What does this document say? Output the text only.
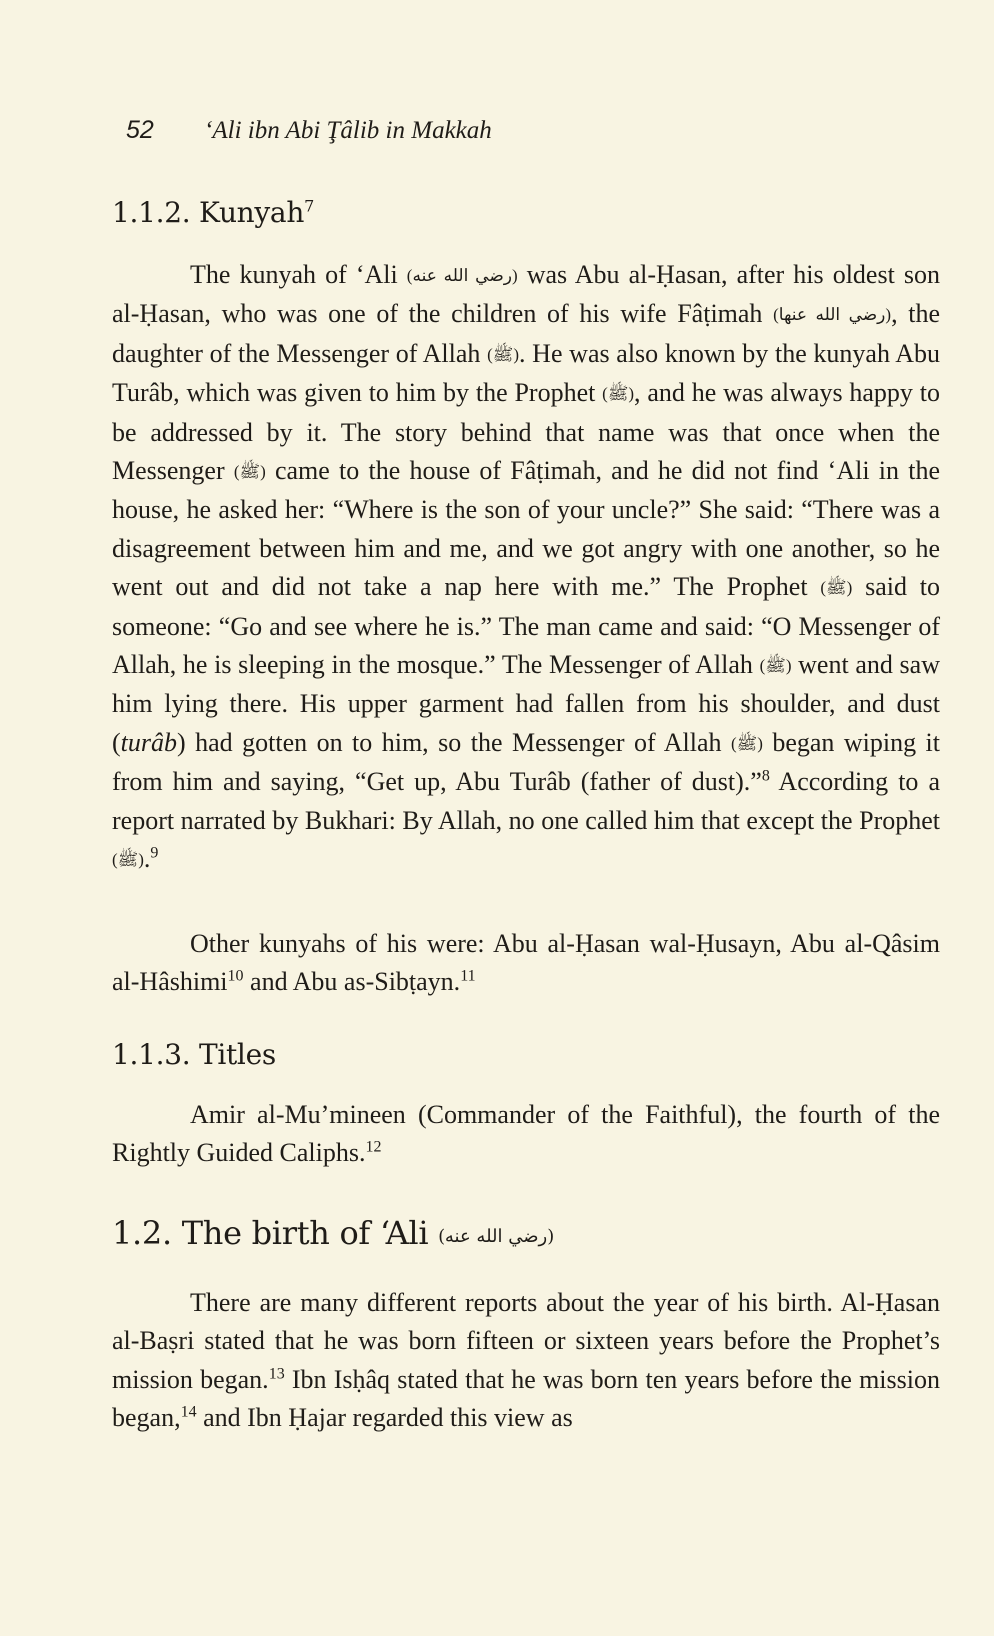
52 ‘Ali ibn Abi Ţâlib in Makkah
1.1.2. Kunyah$^7$
The kunyah of ‘Ali (رضي الله عنه) was Abu al-Ḥasan, after his oldest son al-Ḥasan, who was one of the children of his wife Fâṭimah (رضي الله عنها), the daughter of the Messenger of Allah (ﷺ). He was also known by the kunyah Abu Turâb, which was given to him by the Prophet (ﷺ), and he was always happy to be addressed by it. The story behind that name was that once when the Messenger (ﷺ) came to the house of Fâṭimah, and he did not find ‘Ali in the house, he asked her: “Where is the son of your uncle?” She said: “There was a disagreement between him and me, and we got angry with one another, so he went out and did not take a nap here with me.” The Prophet (ﷺ) said to someone: “Go and see where he is.” The man came and said: “O Messenger of Allah, he is sleeping in the mosque.” The Messenger of Allah (ﷺ) went and saw him lying there. His upper garment had fallen from his shoulder, and dust (turâb) had gotten on to him, so the Messenger of Allah (ﷺ) began wiping it from him and saying, “Get up, Abu Turâb (father of dust).”$^8$ According to a report narrated by Bukhari: By Allah, no one called him that except the Prophet (ﷺ).$^9$
Other kunyahs of his were: Abu al-Ḥasan wal-Ḥusayn, Abu al-Qâsim al-Hâshimi$^{10}$ and Abu as-Sibṭayn.$^{11}$
1.1.3. Titles
Amir al-Mu’mineen (Commander of the Faithful), the fourth of the Rightly Guided Caliphs.$^{12}$
1.2. The birth of ‘Ali (رضي الله عنه)
There are many different reports about the year of his birth. Al-Ḥasan al-Baṣri stated that he was born fifteen or sixteen years before the Prophet’s mission began.$^{13}$ Ibn Isḥâq stated that he was born ten years before the mission began,$^{14}$ and Ibn Ḥajar regarded this view as
